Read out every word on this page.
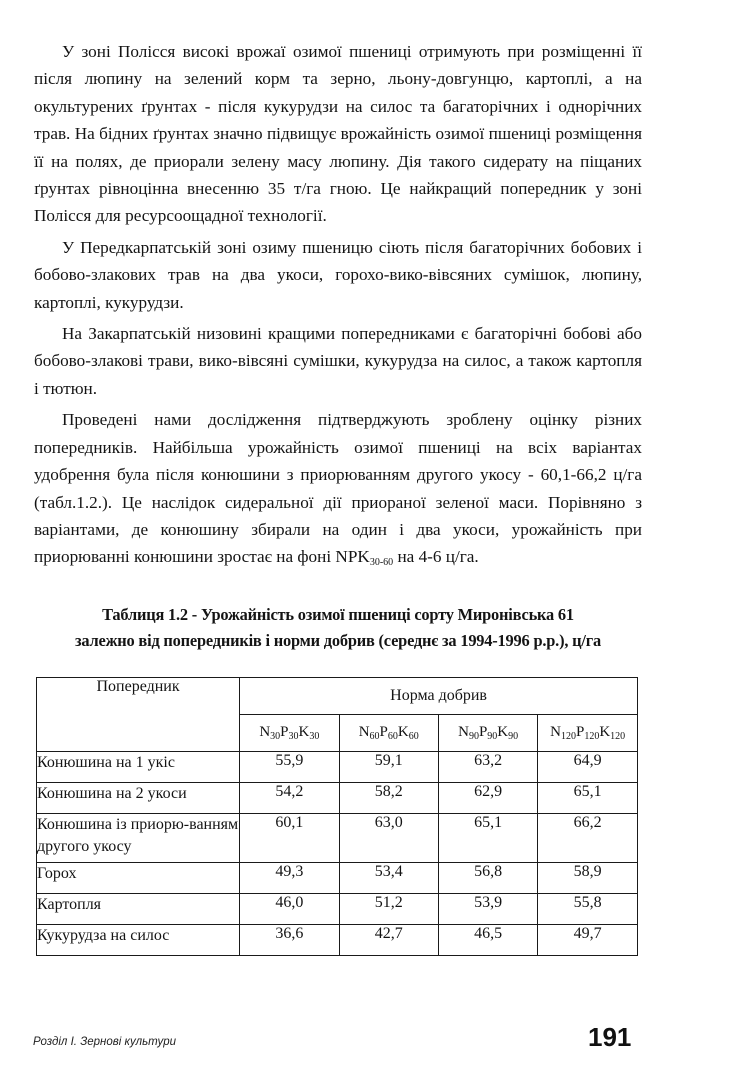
У зоні Полісся високі врожаї озимої пшениці отримують при розміщенні її після люпину на зелений корм та зерно, льону-довгунцю, картоплі, а на окультурених ґрунтах - після кукурудзи на силос та багаторічних і однорічних трав. На бідних ґрунтах значно підвищує врожайність озимої пшениці розміщення її на полях, де приорали зелену масу люпину. Дія такого сидерату на піщаних ґрунтах рівноцінна внесенню 35 т/га гною. Це найкращий попередник у зоні Полісся для ресурсоощадної технології.

У Передкарпатській зоні озиму пшеницю сіють після багаторічних бобових і бобово-злакових трав на два укоси, горохо-вико-вівсяних сумішок, люпину, картоплі, кукурудзи.

На Закарпатській низовині кращими попередниками є багаторічні бобові або бобово-злакові трави, вико-вівсяні сумішки, кукурудза на силос, а також картопля і тютюн.

Проведені нами дослідження підтверджують зроблену оцінку різних попередників. Найбільша урожайність озимої пшениці на всіх варіантах удобрення була після конюшини з приорюванням другого укосу - 60,1-66,2 ц/га (табл.1.2.). Це наслідок сидеральної дії приораної зеленої маси. Порівняно з варіантами, де конюшину збирали на один і два укоси, урожайність при приорюванні конюшини зростає на фоні NPK30-60 на 4-6 ц/га.

Таблиця 1.2 - Урожайність озимої пшениці сорту Миронівська 61
залежно від попередників і норми добрив (середнє за 1994-1996 р.р.), ц/га
Попередник	Норма добрив			
	$N_{30}P_{30}K_{30}$	$N_{60}P_{60}K_{60}$	$N_{90}P_{90}K_{90}$	$N_{120}P_{120}K_{120}$
Конюшина на 1 укіс	55,9	59,1	63,2	64,9
Конюшина на 2 укоси	54,2	58,2	62,9	65,1
Конюшина із приорю-ванням другого укосу	60,1	63,0	65,1	66,2
Горох	49,3	53,4	56,8	58,9
Картопля	46,0	51,2	53,9	55,8
Кукурудза на силос	36,6	42,7	46,5	49,7
Розділ І. Зернові культури	191
